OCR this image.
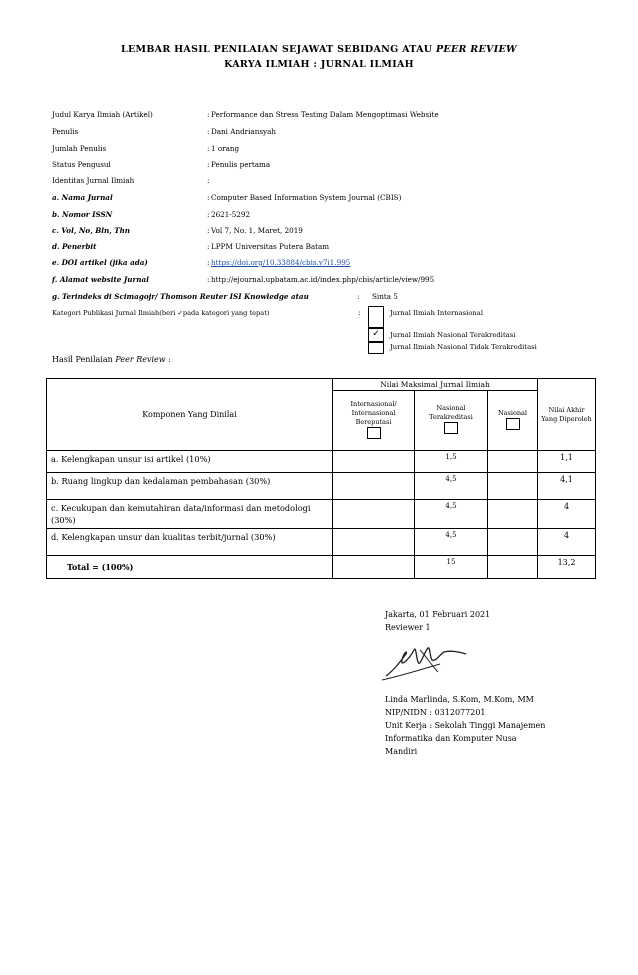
LEMBAR HASIL PENILAIAN SEJAWAT SEBIDANG ATAU PEER REVIEW
KARYA ILMIAH : JURNAL ILMIAH
Judul Karya Ilmiah (Artikel)	: Performance dan Stress Testing Dalam Mengoptimasi Website
Penulis	: Dani Andriansyah
Jumlah Penulis	: 1 orang
Status Pengusul	: Penulis pertama
Identitas Jurnal Ilmiah	:
a. Nama Jurnal	: Computer Based Information System Journal (CBIS)
b. Nomor ISSN	: 2621-5292
c. Vol, No, Bln, Thn	: Vol 7, No. 1, Maret, 2019
d. Penerbit	: LPPM Universitas Putera Batam
e. DOI artikel (jika ada)	: https://doi.org/10.33884/cbis.v7i1.995
f. Alamat website Jurnal	: http://ejournal.upbatam.ac.id/index.php/cbis/article/view/995
g. Terindeks di Scimagojr/ Thomson Reuter ISI Knowledge atau	: Sinta 5
Kategori Publikasi Jurnal Ilmiah(beri ✓pada kategori yang tepat)	:
✓
Jurnal Ilmiah Internasional
Jurnal Ilmiah Nasional Terakreditasi
Jurnal Ilmiah Nasional Tidak Terakreditasi
Hasil Penilaian Peer Review :
Komponen Yang Dinilai	Nilai Maksimal Jurnal Ilmiah			Nilai Akhir Yang Diperoleh

	Internasional/ Internasional Bereputasi	Nasional Terakreditasi	Nasional	

a. Kelengkapan unsur isi artikel (10%)		1,5		1,1
b. Ruang lingkup dan kedalaman pembahasan (30%)		4,5		4,1
c. Kecukupan dan kemutahiran data/informasi dan metodologi (30%)		4,5		4
d. Kelengkapan unsur dan kualitas terbit/jurnal (30%)		4,5		4
Total = (100%)		15		13,2
Jakarta, 01 Februari 2021
Reviewer 1
Linda Marlinda, S.Kom, M.Kom, MM
NIP/NIDN : 0312077201
Unit Kerja : Sekolah Tinggi Manajemen
Informatika dan Komputer Nusa
Mandiri
